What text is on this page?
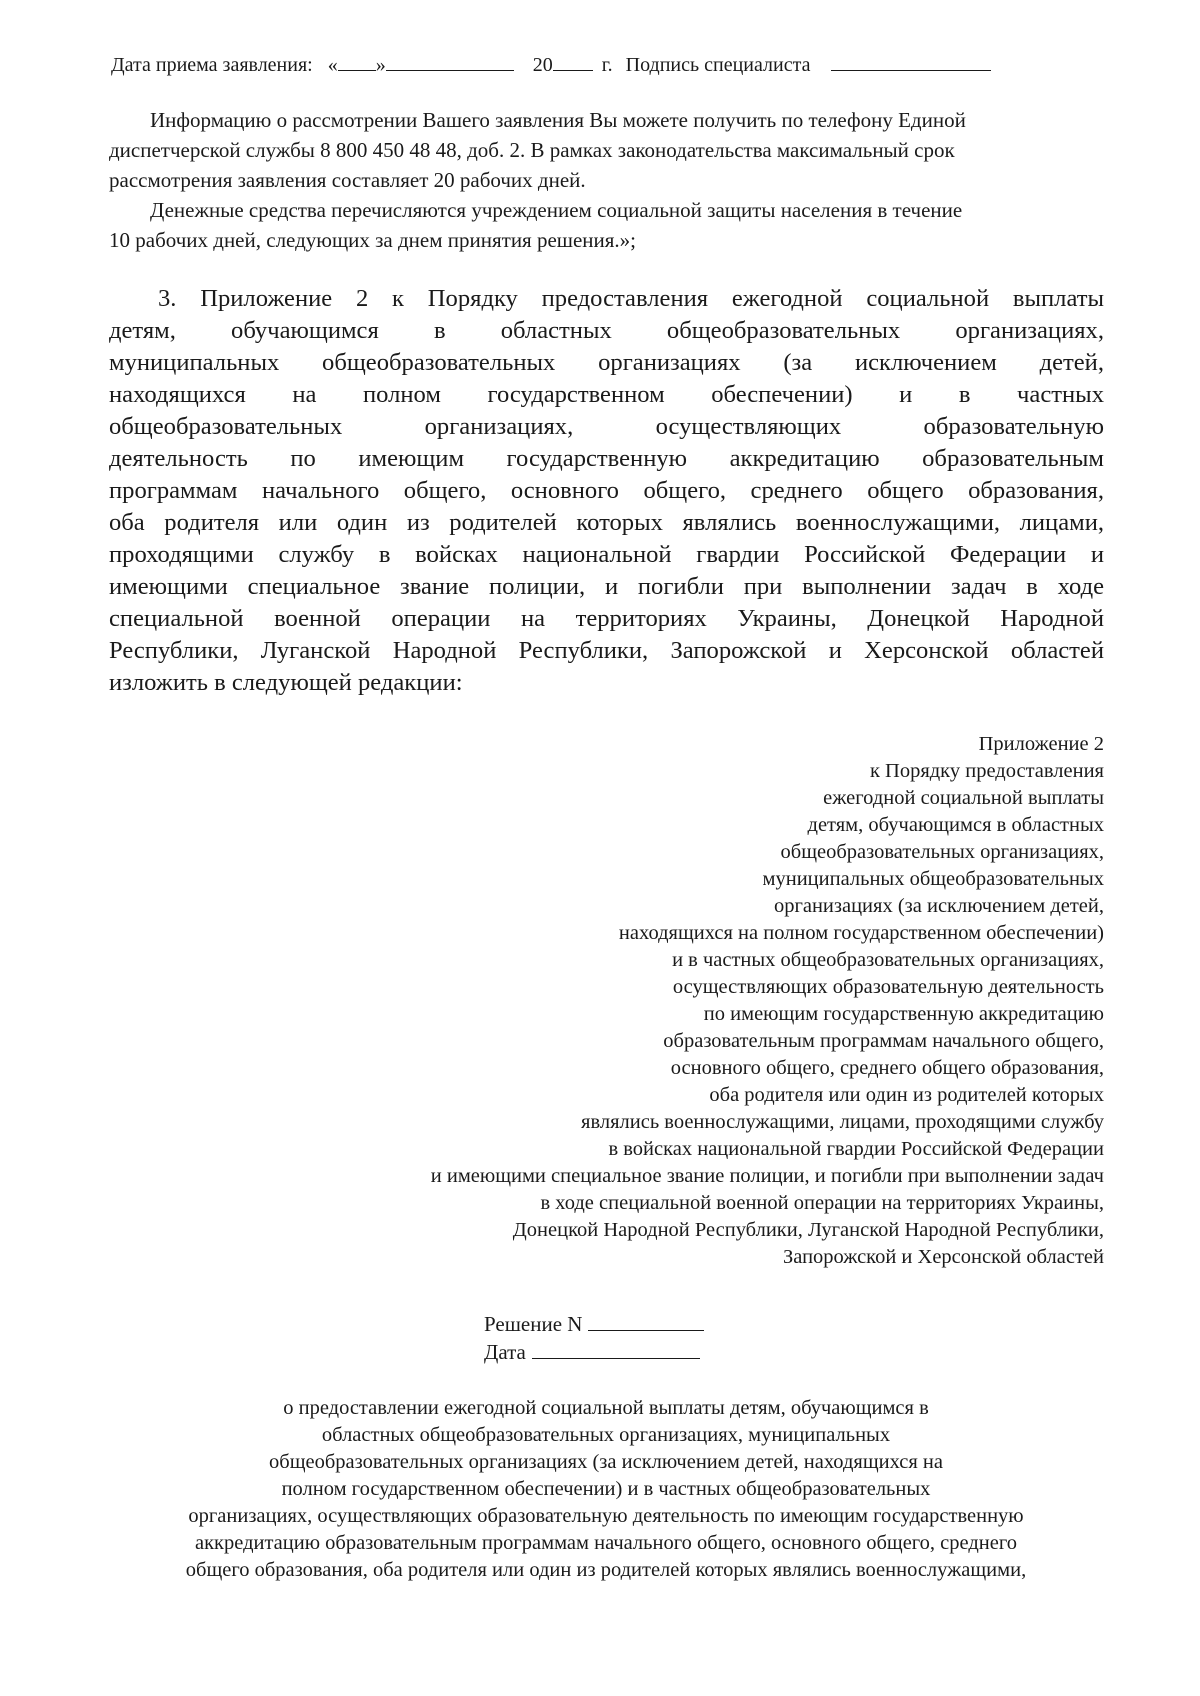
Дата приема заявления: « »	20 г. Подпись специалиста
Информацию о рассмотрении Вашего заявления Вы можете получить по телефону Единой
диспетчерской службы 8 800 450 48 48, доб. 2. В рамках законодательства максимальный срок
рассмотрения заявления составляет 20 рабочих дней.
Денежные средства перечисляются учреждением социальной защиты населения в течение
10 рабочих дней, следующих за днем принятия решения.»;
3. Приложение 2 к Порядку предоставления ежегодной социальной выплаты
детям, обучающимся в областных общеобразовательных организациях,
муниципальных общеобразовательных организациях (за исключением детей,
находящихся на полном государственном обеспечении) и в частных
общеобразовательных организациях, осуществляющих образовательную
деятельность по имеющим государственную аккредитацию образовательным
программам начального общего, основного общего, среднего общего образования,
оба родителя или один из родителей которых являлись военнослужащими, лицами,
проходящими службу в войсках национальной гвардии Российской Федерации и
имеющими специальное звание полиции, и погибли при выполнении задач в ходе
специальной военной операции на территориях Украины, Донецкой Народной
Республики, Луганской Народной Республики, Запорожской и Херсонской областей
изложить в следующей редакции:
Приложение 2
к Порядку предоставления
ежегодной социальной выплаты
детям, обучающимся в областных
общеобразовательных организациях,
муниципальных общеобразовательных
организациях (за исключением детей,
находящихся на полном государственном обеспечении)
и в частных общеобразовательных организациях,
осуществляющих образовательную деятельность
по имеющим государственную аккредитацию
образовательным программам начального общего,
основного общего, среднего общего образования,
оба родителя или один из родителей которых
являлись военнослужащими, лицами, проходящими службу
в войсках национальной гвардии Российской Федерации
и имеющими специальное звание полиции, и погибли при выполнении задач
в ходе специальной военной операции на территориях Украины,
Донецкой Народной Республики, Луганской Народной Республики,
Запорожской и Херсонской областей
Решение N
Дата
о предоставлении ежегодной социальной выплаты детям, обучающимся в
областных общеобразовательных организациях, муниципальных
общеобразовательных организациях (за исключением детей, находящихся на
полном государственном обеспечении) и в частных общеобразовательных
организациях, осуществляющих образовательную деятельность по имеющим государственную
аккредитацию образовательным программам начального общего, основного общего, среднего
общего образования, оба родителя или один из родителей которых являлись военнослужащими,
